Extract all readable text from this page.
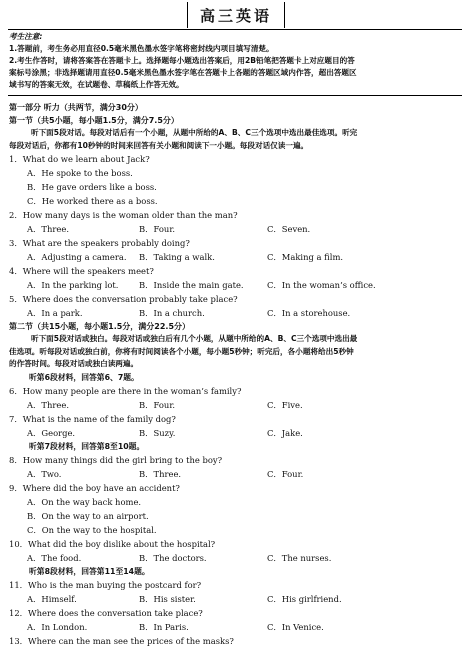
高三英语
考生注意:
1.答题前，考生务必用直径0.5毫米黑色墨水签字笔将密封线内项目填写清楚。
2.考生作答时，请将答案答在答题卡上。选择题每小题选出答案后，用2B铅笔把答题卡上对应题目的答
案标号涂黑；非选择题请用直径0.5毫米黑色墨水签字笔在答题卡上各题的答题区域内作答，超出答题区
域书写的答案无效，在试题卷、草稿纸上作答无效。
第一部分 听力（共两节，满分30分）
第一节（共5小题，每小题1.5分，满分7.5分）
听下面5段对话。每段对话后有一个小题，从题中所给的A、B、C三个选项中选出最佳选项。听完
每段对话后，你都有10秒钟的时间来回答有关小题和阅读下一小题。每段对话仅读一遍。
1．What do we learn about Jack?
A．He spoke to the boss.
B．He gave orders like a boss.
C．He worked there as a boss.
2．How many days is the woman older than the man?
A．Three.	B．Four.	C．Seven.
3．What are the speakers probably doing?
A．Adjusting a camera. B．Taking a walk.	C．Making a film.
4．Where will the speakers meet?
A．In the parking lot. B．Inside the main gate.	C．In the woman’s office.
5．Where does the conversation probably take place?
A．In a park.	B．In a church.	C．In a storehouse.
第二节（共15小题，每小题1.5分，满分22.5分）
听下面5段对话或独白。每段对话或独白后有几个小题，从题中所给的A、B、C三个选项中选出最
佳选项。听每段对话或独白前，你将有时间阅读各个小题，每小题5秒钟；听完后，各小题将给出5秒钟
的作答时间。每段对话或独白读两遍。
听第6段材料，回答第6、7题。
6．How many people are there in the woman’s family?
A．Three.	B．Four.	C．Five.
7．What is the name of the family dog?
A．George.	B．Suzy.	C．Jake.
听第7段材料，回答第8至10题。
8．How many things did the girl bring to the boy?
A．Two.	B．Three.	C．Four.
9．Where did the boy have an accident?
A．On the way back home.
B．On the way to an airport.
C．On the way to the hospital.
10．What did the boy dislike about the hospital?
A．The food.	B．The doctors.	C．The nurses.
听第8段材料，回答第11至14题。
11．Who is the man buying the postcard for?
A．Himself.	B．His sister.	C．His girlfriend.
12．Where does the conversation take place?
A．In London.	B．In Paris.	C．In Venice.
13．Where can the man see the prices of the masks?
